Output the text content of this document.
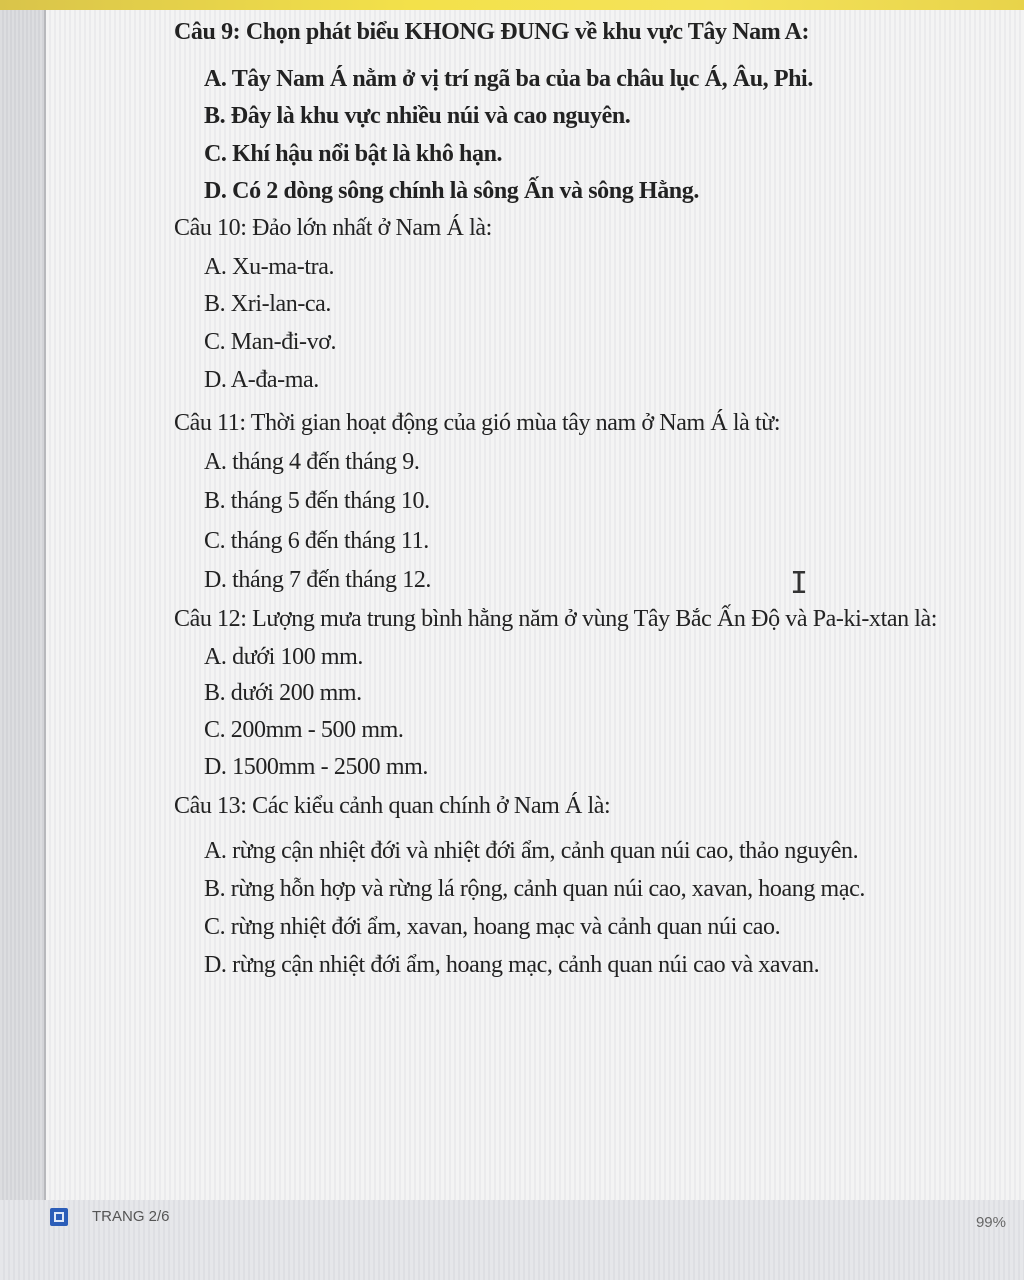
Câu 9: Chọn phát biểu KHONG ĐUNG về khu vực Tây Nam A:
A. Tây Nam Á nằm ở vị trí ngã ba của ba châu lục Á, Âu, Phi.
B. Đây là khu vực nhiều núi và cao nguyên.
C. Khí hậu nổi bật là khô hạn.
D. Có 2 dòng sông chính là sông Ấn và sông Hằng.
Câu 10: Đảo lớn nhất ở Nam Á là:
A. Xu-ma-tra.
B. Xri-lan-ca.
C. Man-đi-vơ.
D. A-đa-ma.
Câu 11: Thời gian hoạt động của gió mùa tây nam ở Nam Á là từ:
A. tháng 4 đến tháng 9.
B. tháng 5 đến tháng 10.
C. tháng 6 đến tháng 11.
D. tháng 7 đến tháng 12.
Câu 12: Lượng mưa trung bình hằng năm ở vùng Tây Bắc Ấn Độ và Pa-ki-xtan là:
A. dưới 100 mm.
B. dưới 200 mm.
C. 200mm - 500 mm.
D. 1500mm - 2500 mm.
Câu 13: Các kiểu cảnh quan chính ở Nam Á là:
A. rừng cận nhiệt đới và nhiệt đới ẩm, cảnh quan núi cao, thảo nguyên.
B. rừng hỗn hợp và rừng lá rộng, cảnh quan núi cao, xavan, hoang mạc.
C. rừng nhiệt đới ẩm, xavan, hoang mạc và cảnh quan núi cao.
D. rừng cận nhiệt đới ẩm, hoang mạc, cảnh quan núi cao và xavan.
I
TRANG 2/6	99%
